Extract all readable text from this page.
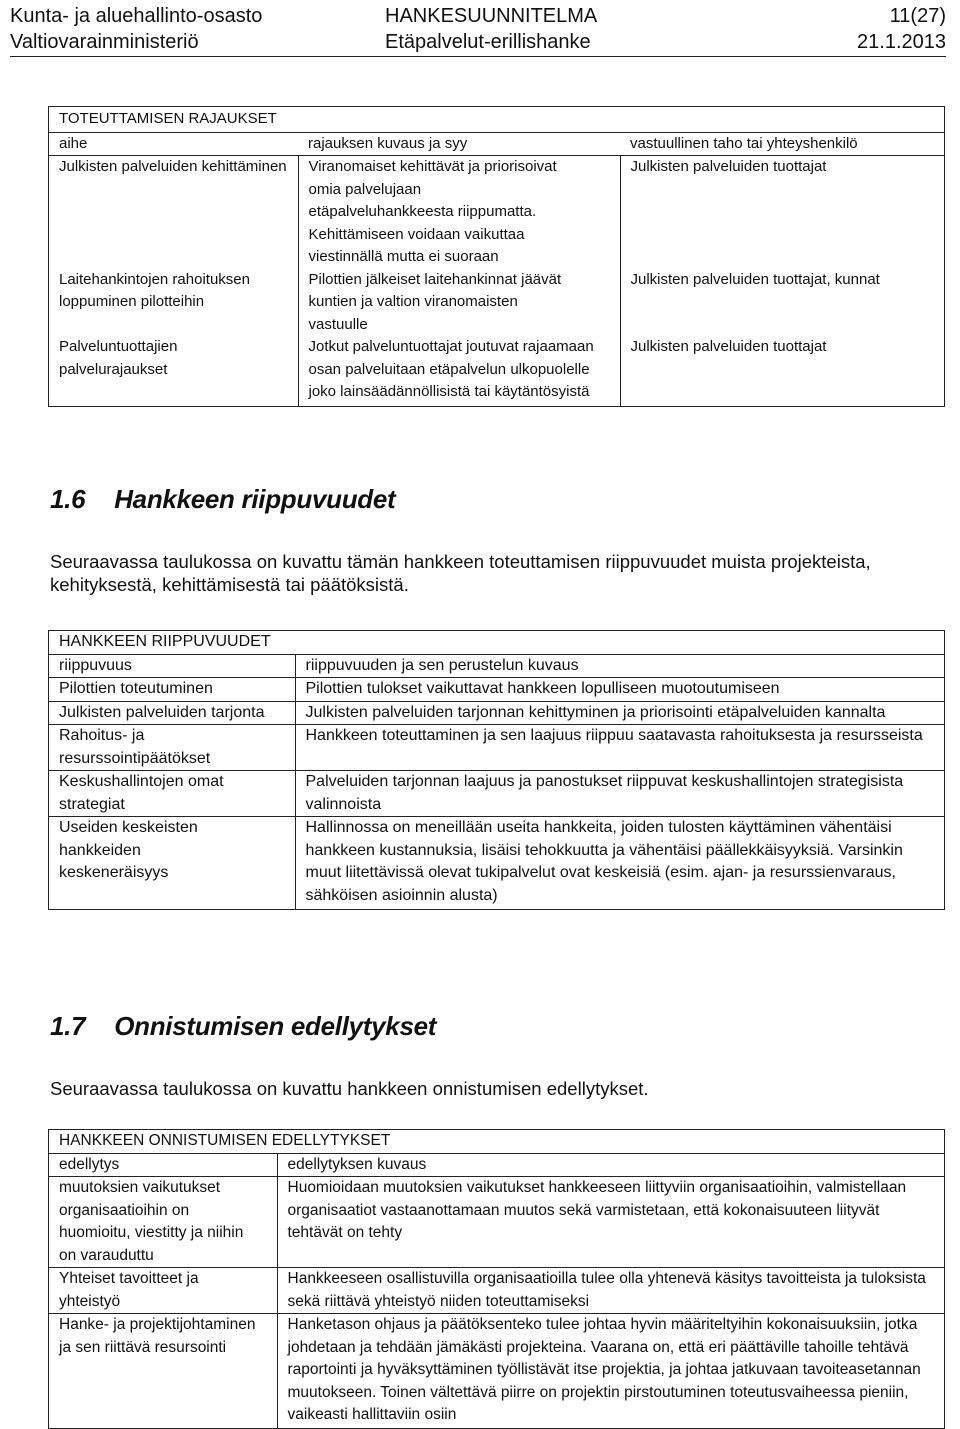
Kunta- ja aluehallinto-osasto	HANKESUUNNITELMA	11(27)
Valtiovarainministeriö	Etäpalvelut-erillishanke	21.1.2013
TOTEUTTAMISEN RAJAUKSET		
aihe	rajauksen kuvaus ja syy	vastuullinen taho tai yhteyshenkilö
Julkisten palveluiden kehittäminen	Viranomaiset kehittävät ja priorisoivat omia palvelujaan etäpalveluhankkeesta riippumatta. Kehittämiseen voidaan vaikuttaa viestinnällä mutta ei suoraan	Julkisten palveluiden tuottajat
Laitehankintojen rahoituksen loppuminen pilotteihin	Pilottien jälkeiset laitehankinnat jäävät kuntien ja valtion viranomaisten vastuulle	Julkisten palveluiden tuottajat, kunnat
Palveluntuottajien palvelurajaukset	Jotkut palveluntuottajat joutuvat rajaamaan osan palveluitaan etäpalvelun ulkopuolelle joko lainsäädännöllisistä tai käytäntösyistä	Julkisten palveluiden tuottajat
1.6 Hankkeen riippuvuudet
Seuraavassa taulukossa on kuvattu tämän hankkeen toteuttamisen riippuvuudet muista projekteista, kehityksestä, kehittämisestä tai päätöksistä.
HANKKEEN RIIPPUVUUDET	
riippuvuus	riippuvuuden ja sen perustelun kuvaus
Pilottien toteutuminen	Pilottien tulokset vaikuttavat hankkeen lopulliseen muotoutumiseen
Julkisten palveluiden tarjonta	Julkisten palveluiden tarjonnan kehittyminen ja priorisointi etäpalveluiden kannalta
Rahoitus- ja resurssointipäätökset	Hankkeen toteuttaminen ja sen laajuus riippuu saatavasta rahoituksesta ja resursseista
Keskushallintojen omat strategiat	Palveluiden tarjonnan laajuus ja panostukset riippuvat keskushallintojen strategisista valinnoista
Useiden keskeisten hankkeiden keskeneräisyys	Hallinnossa on meneillään useita hankkeita, joiden tulosten käyttäminen vähentäisi hankkeen kustannuksia, lisäisi tehokkuutta ja vähentäisi päällekkäisyyksiä. Varsinkin muut liitettävissä olevat tukipalvelut ovat keskeisiä (esim. ajan- ja resurssienvaraus, sähköisen asioinnin alusta)
1.7 Onnistumisen edellytykset
Seuraavassa taulukossa on kuvattu hankkeen onnistumisen edellytykset.
HANKKEEN ONNISTUMISEN EDELLYTYKSET	
edellytys	edellytyksen kuvaus
muutoksien vaikutukset organisaatioihin on huomioitu, viestitty ja niihin on varauduttu	Huomioidaan muutoksien vaikutukset hankkeeseen liittyviin organisaatioihin, valmistellaan organisaatiot vastaanottamaan muutos sekä varmistetaan, että kokonaisuuteen liityvät tehtävät on tehty
Yhteiset tavoitteet ja yhteistyö	Hankkeeseen osallistuvilla organisaatioilla tulee olla yhtenevä käsitys tavoitteista ja tuloksista sekä riittävä yhteistyö niiden toteuttamiseksi
Hanke- ja projektijohtaminen ja sen riittävä resursointi	Hanketason ohjaus ja päätöksenteko tulee johtaa hyvin määriteltyihin kokonaisuuksiin, jotka johdetaan ja tehdään jämäkästi projekteina. Vaarana on, että eri päättäville tahoille tehtävä raportointi ja hyväksyttäminen työllistävät itse projektia, ja johtaa jatkuvaan tavoiteasetannan muutokseen. Toinen vältettävä piirre on projektin pirstoutuminen toteutusvaiheessa pieniin, vaikeasti hallittaviin osiin
